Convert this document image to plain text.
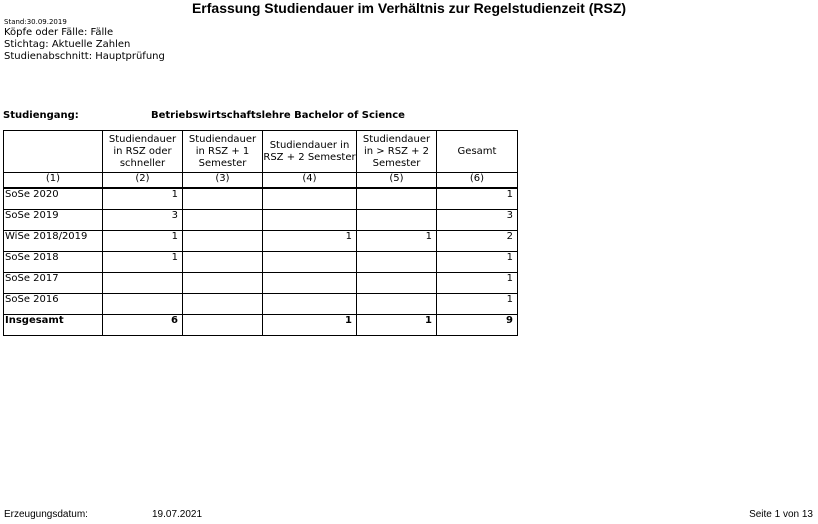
Erfassung Studiendauer im Verhältnis zur Regelstudienzeit (RSZ)
Stand:30.09.2019
Köpfe oder Fälle: Fälle
Stichtag: Aktuelle Zahlen
Studienabschnitt: Hauptprüfung
Studiengang:	Betriebswirtschaftslehre Bachelor of Science
	Studiendauer in RSZ oder schneller	Studiendauer in RSZ + 1 Semester	Studiendauer in RSZ + 2 Semester	Studiendauer in > RSZ + 2 Semester	Gesamt
(1)	(2)	(3)	(4)	(5)	(6)
SoSe 2020	1				1
SoSe 2019	3				3
WiSe 2018/2019	1		1	1	2
SoSe 2018	1				1
SoSe 2017					1
SoSe 2016					1
Insgesamt	6		1	1	9
Erzeugungsdatum:	19.07.2021	Seite 1 von 13
